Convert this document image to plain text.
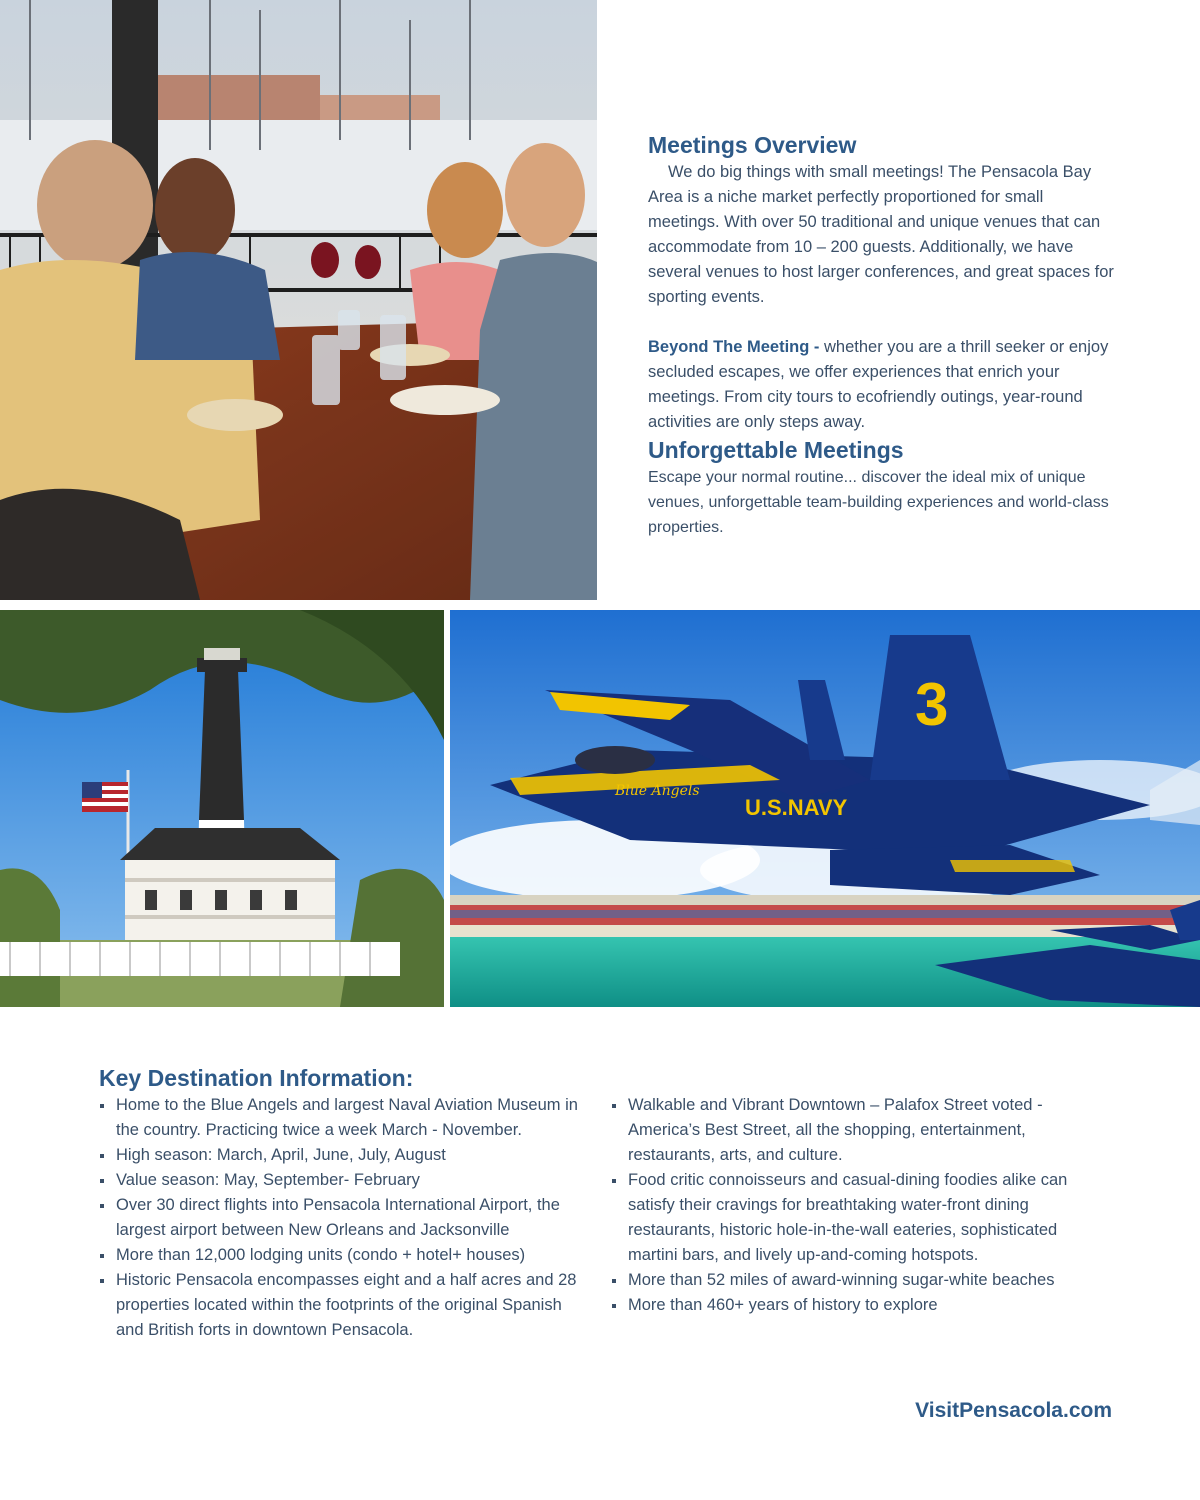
3
U.S.NAVY
Blue Angels
Meetings Overview

We do big things with small meetings! The Pensacola Bay Area is a niche market perfectly proportioned for small meetings. With over 50 traditional and unique venues that can accommodate from 10 – 200 guests. Additionally, we have several venues to host larger conferences, and great spaces for sporting events.

Beyond The Meeting - whether you are a thrill seeker or enjoy secluded escapes, we offer experiences that enrich your meetings. From city tours to ecofriendly outings, year-round activities are only steps away.

Unforgettable Meetings

Escape your normal routine... discover the ideal mix of unique venues, unforgettable team-building experiences and world-class properties.

Key Destination Information:
Home to the Blue Angels and largest Naval Aviation Museum in the country. Practicing twice a week March - November.
High season: March, April, June, July, August
Value season: May, September- February
Over 30 direct flights into Pensacola International Airport, the largest airport between New Orleans and Jacksonville
More than 12,000 lodging units (condo + hotel+ houses)
Historic Pensacola encompasses eight and a half acres and 28 properties located within the footprints of the original Spanish and British forts in downtown Pensacola.
Walkable and Vibrant Downtown – Palafox Street voted - America’s Best Street, all the shopping, entertainment, restaurants, arts, and culture.
Food critic connoisseurs and casual-dining foodies alike can satisfy their cravings for breathtaking water-front dining restaurants, historic hole-in-the-wall eateries, sophisticated martini bars, and lively up-and-coming hotspots.
More than 52 miles of award-winning sugar-white beaches
More than 460+ years of history to explore
VisitPensacola.com
